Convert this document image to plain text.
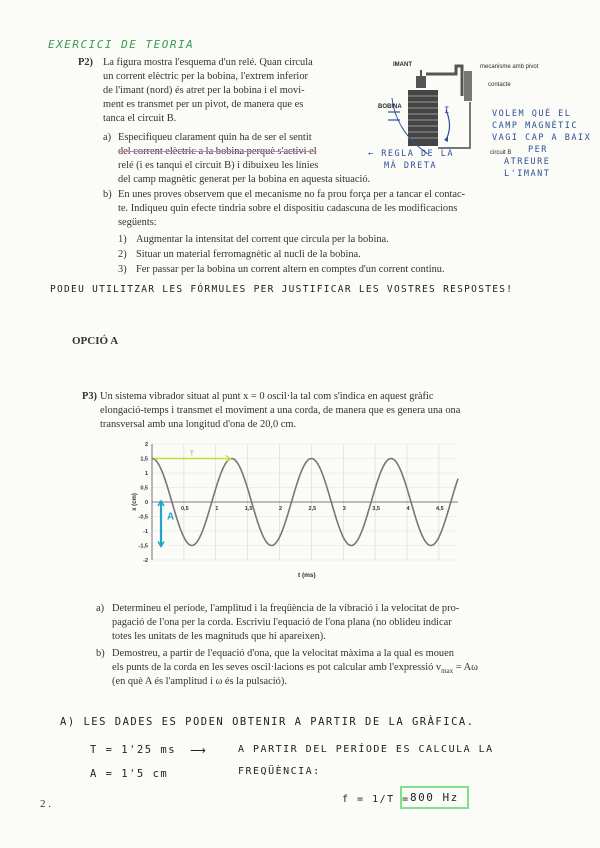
EXERCICI DE TEORIA
P2) La figura mostra l'esquema d'un relé. Quan circula
un corrent elèctric per la bobina, l'extrem inferior
de l'imant (nord) és atret per la bobina i el movi-
ment es transmet per un pivot, de manera que es
tanca el circuit B.
a) Especifiqueu clarament quin ha de ser el sentit
del corrent elèctric a la bobina perquè s'activi el
relé (i es tanqui el circuit B) i dibuixeu les línies
del camp magnètic generat per la bobina en aquesta situació.
b) En unes proves observem que el mecanisme no fa prou força per a tancar el contac-
te. Indiqueu quin efecte tindria sobre el dispositiu cadascuna de les modificacions
següents:
1) Augmentar la intensitat del corrent que circula per la bobina.
2) Situar un material ferromagnètic al nucli de la bobina.
3) Fer passar per la bobina un corrent altern en comptes d'un corrent continu.
IMANT	mecanisme amb pivot
contacte
BOBINA
circuit B
I	VOLEM QUÈ EL
CAMP MAGNÈTIC
VAGI CAP A BAIX
PER
ATREURE L'IMANT
← REGLA DE LA
MÀ DRETA
PODEU UTILITZAR LES FÓRMULES PER JUSTIFICAR LES VOSTRES RESPOSTES!
OPCIÓ A
P3) Un sistema vibrador situat al punt x = 0 oscil·la tal com s'indica en aquest gràfic
elongació-temps i transmet el moviment a una corda, de manera que es genera una ona
transversal amb una longitud d'ona de 20,0 cm.
2
1,5
1
0,5
0
-0,5
-1
-1,5
-2
0,5	1	1,5	2	2,5	3	3,5	4	4,5
x (cm)
T
A
t (ms)
a) Determineu el període, l'amplitud i la freqüència de la vibració i la velocitat de pro-
pagació de l'ona per la corda. Escriviu l'equació de l'ona plana (no oblideu indicar
totes les unitats de les magnituds que hi apareixen).
b) Demostreu, a partir de l'equació d'ona, que la velocitat màxima a la qual es mouen
els punts de la corda en les seves oscil·lacions es pot calcular amb l'expressió $v_{max} = A\omega$
(en què A és l'amplitud i ω és la pulsació).
A) LES DADES ES PODEN OBTENIR A PARTIR DE LA GRÀFICA.
T = 1'25 ms ⟶	A PARTIR DEL PERÍODE ES CALCULA LA
A = 1'5 cm	FREQÜÈNCIA:
f = 1/T = 800 Hz
2 .
